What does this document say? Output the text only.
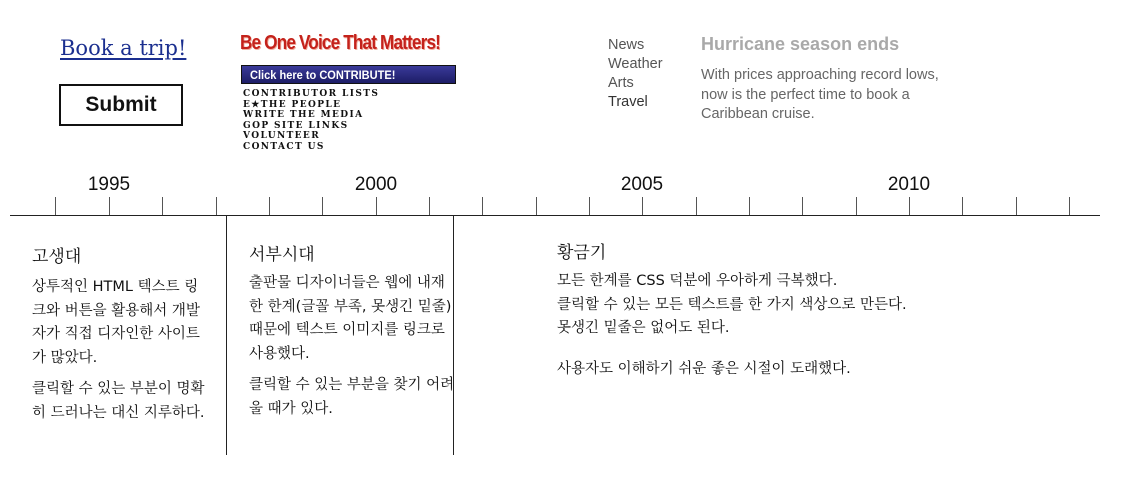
Book a trip!
Submit
Be One Voice That Matters!
Click here to CONTRIBUTE!
CONTRIBUTOR LISTS
E★THE PEOPLE
WRITE THE MEDIA
GOP SITE LINKS
VOLUNTEER
CONTACT US
News
Weather
Arts
Travel
Hurricane season ends
With prices approaching record lows, now is the perfect time to book a Caribbean cruise.
1995	2000	2005	2010
고생대

상투적인 HTML 텍스트 링크와 버튼을 활용해서 개발자가 직접 디자인한 사이트가 많았다.

클릭할 수 있는 부분이 명확히 드러나는 대신 지루하다.

서부시대

출판물 디자이너들은 웹에 내재한 한계(글꼴 부족, 못생긴 밑줄) 때문에 텍스트 이미지를 링크로 사용했다.

클릭할 수 있는 부분을 찾기 어려울 때가 있다.

황금기

모든 한계를 CSS 덕분에 우아하게 극복했다.
클릭할 수 있는 모든 텍스트를 한 가지 색상으로 만든다.
못생긴 밑줄은 없어도 된다.

사용자도 이해하기 쉬운 좋은 시절이 도래했다.
